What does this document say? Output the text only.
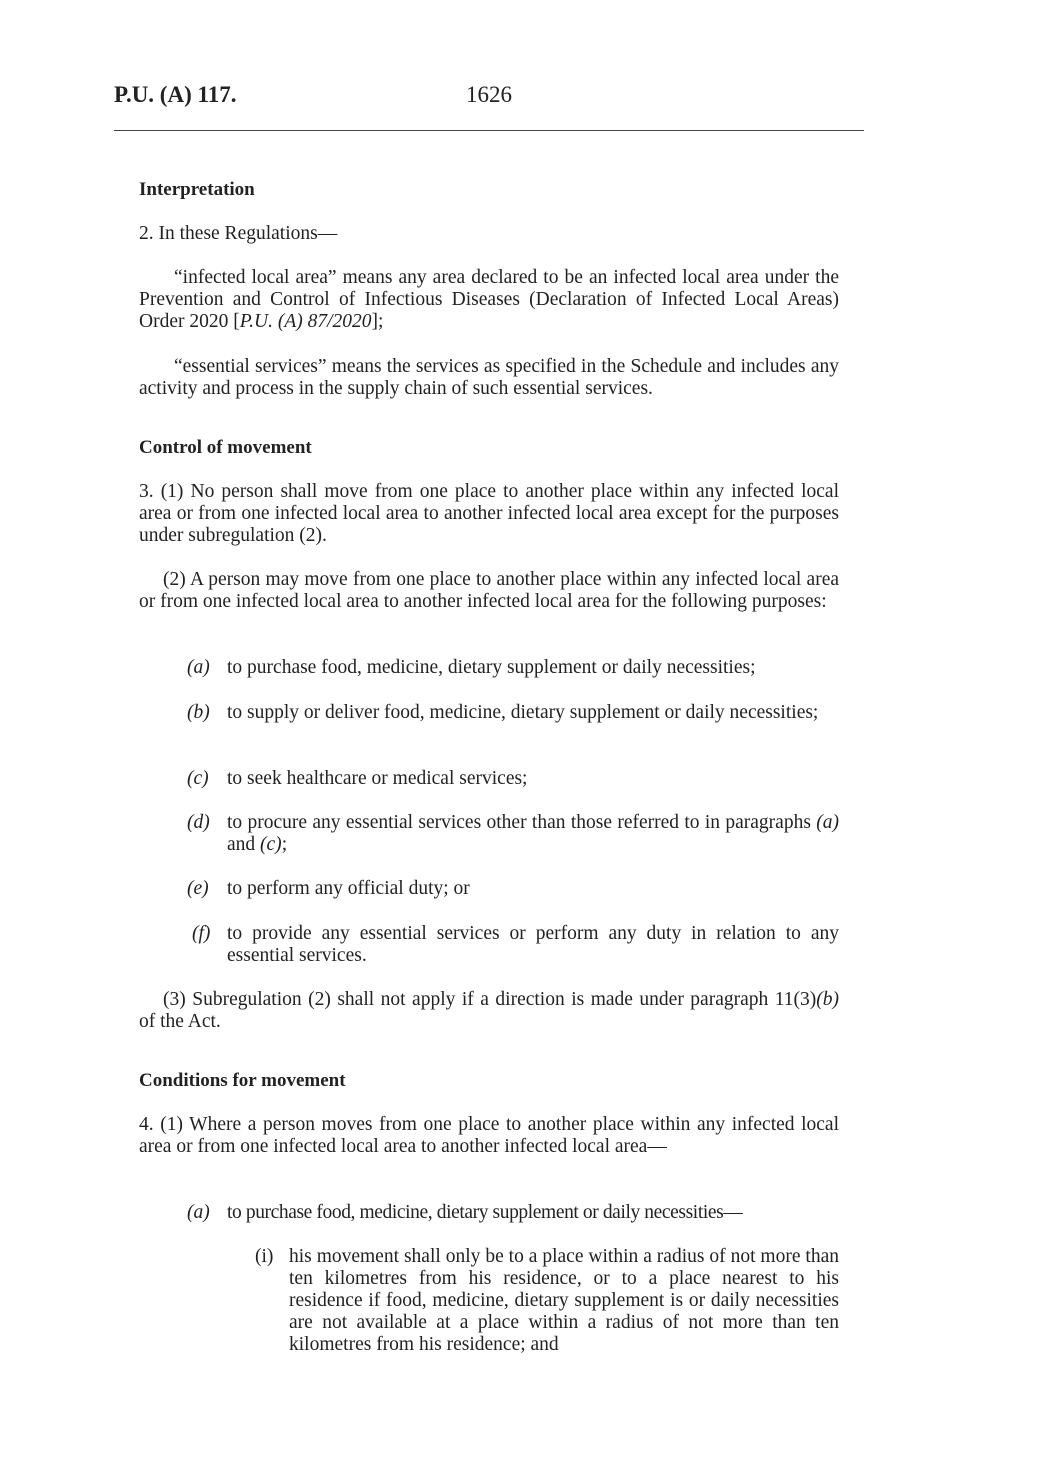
P.U. (A) 117.	1626
Interpretation
2. In these Regulations—
“infected local area” means any area declared to be an infected local area under the Prevention and Control of Infectious Diseases (Declaration of Infected Local Areas) Order 2020 [P.U. (A) 87/2020];
“essential services” means the services as specified in the Schedule and includes any activity and process in the supply chain of such essential services.
Control of movement
3. (1) No person shall move from one place to another place within any infected local area or from one infected local area to another infected local area except for the purposes under subregulation (2).
(2) A person may move from one place to another place within any infected local area or from one infected local area to another infected local area for the following purposes:
(a) to purchase food, medicine, dietary supplement or daily necessities;
(b) to supply or deliver food, medicine, dietary supplement or daily necessities;
(c) to seek healthcare or medical services;
(d) to procure any essential services other than those referred to in paragraphs (a) and (c);
(e) to perform any official duty; or
(f) to provide any essential services or perform any duty in relation to any essential services.
(3) Subregulation (2) shall not apply if a direction is made under paragraph 11(3)(b) of the Act.
Conditions for movement
4. (1) Where a person moves from one place to another place within any infected local area or from one infected local area to another infected local area—
(a) to purchase food, medicine, dietary supplement or daily necessities—
(i) his movement shall only be to a place within a radius of not more than ten kilometres from his residence, or to a place nearest to his residence if food, medicine, dietary supplement is or daily necessities are not available at a place within a radius of not more than ten kilometres from his residence; and
